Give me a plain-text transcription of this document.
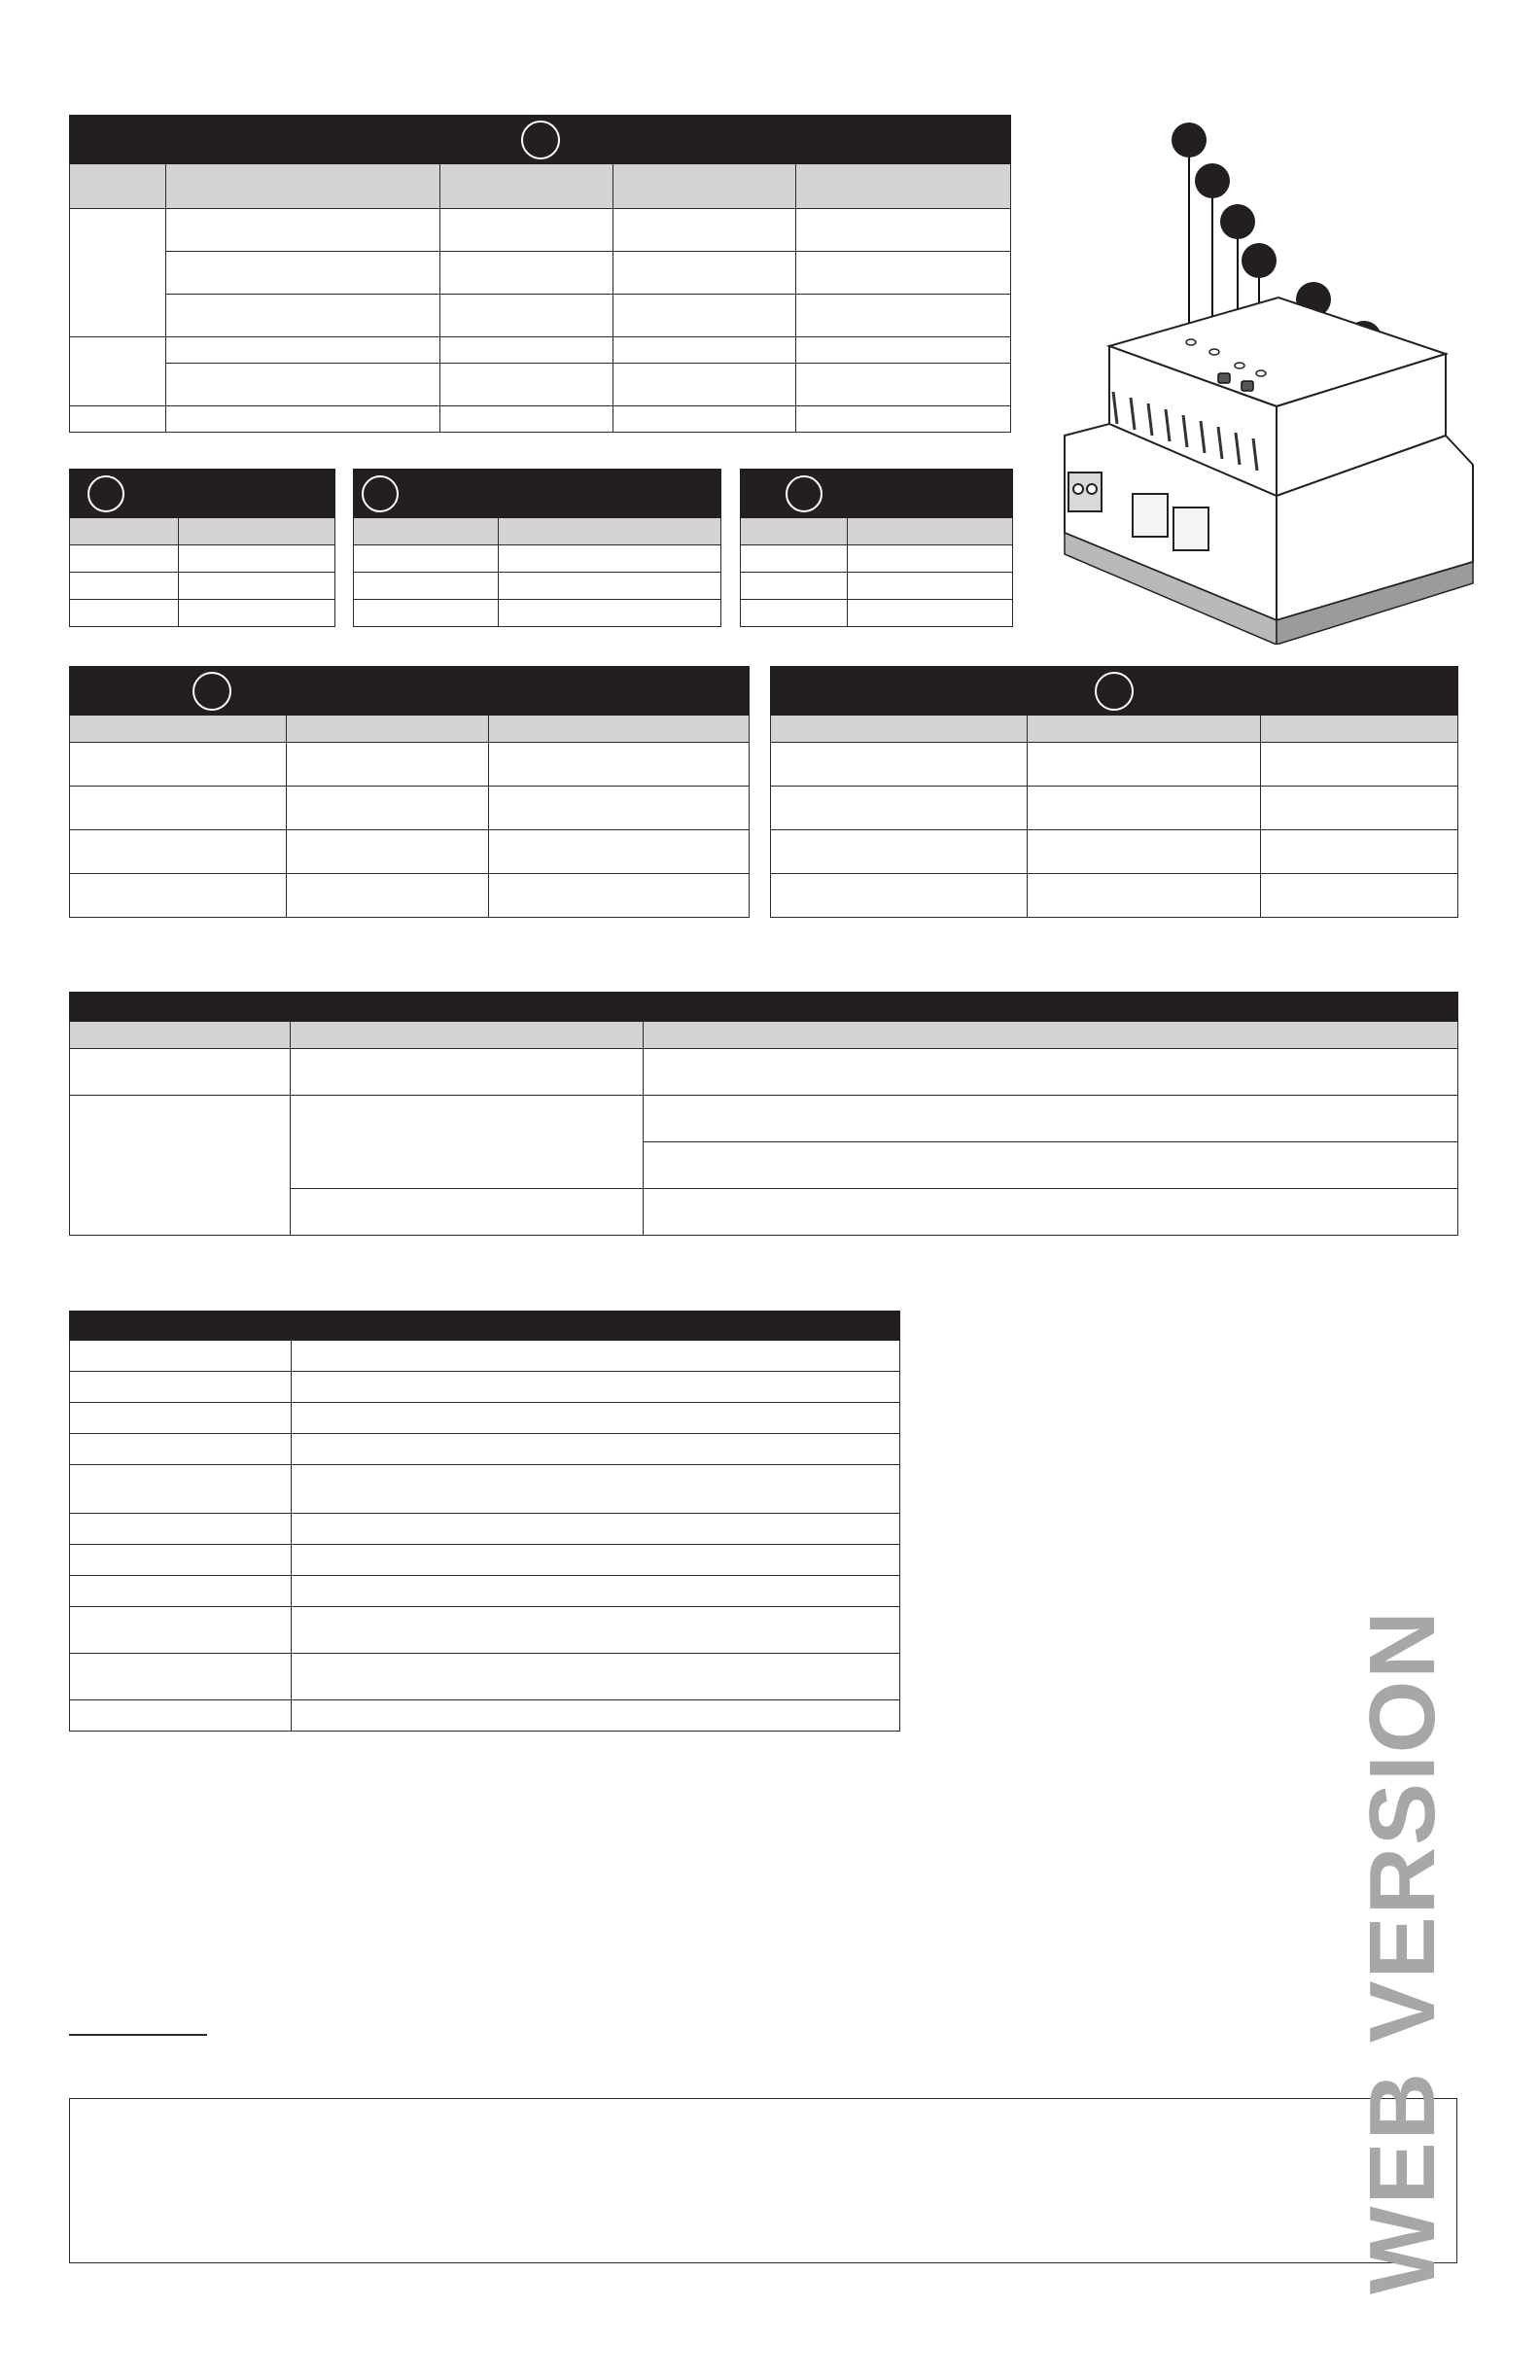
WEB VERSION
